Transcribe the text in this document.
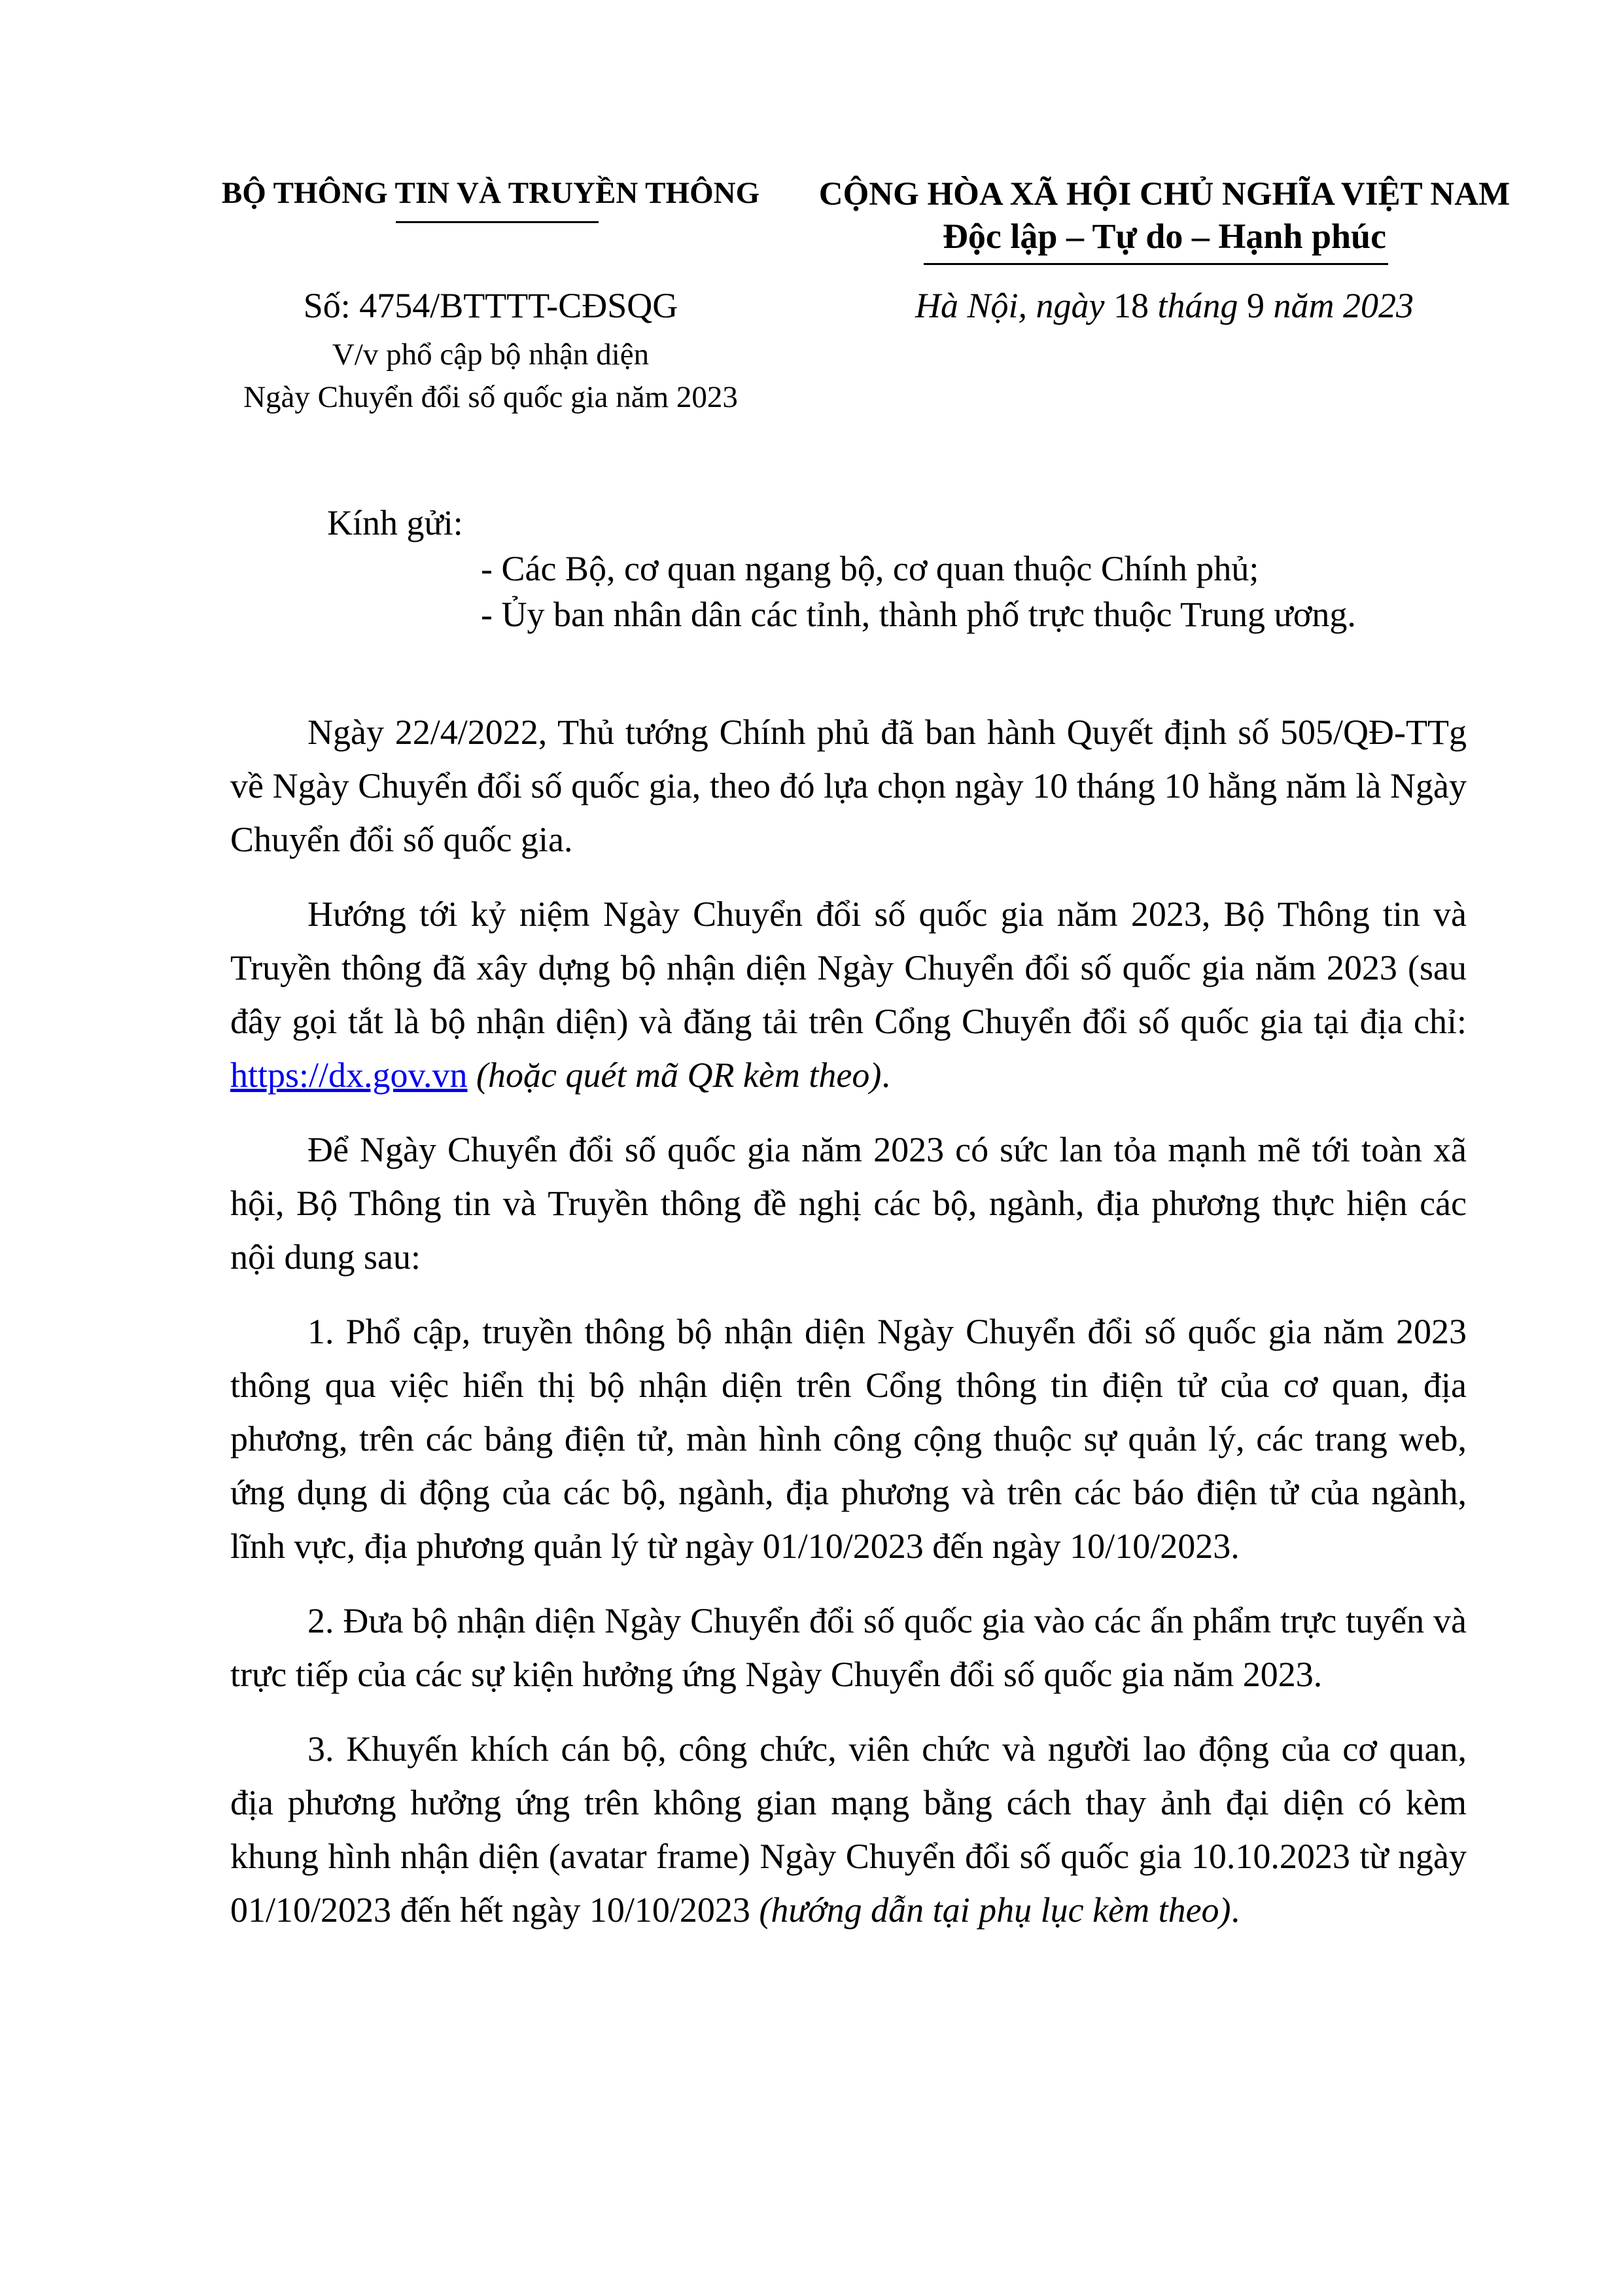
BỘ THÔNG TIN VÀ TRUYỀN THÔNG
Số: 4754/BTTTT-CĐSQG
V/v phổ cập bộ nhận diện
Ngày Chuyển đổi số quốc gia năm 2023
CỘNG HÒA XÃ HỘI CHỦ NGHĨA VIỆT NAM
Độc lập – Tự do – Hạnh phúc
Hà Nội, ngày 18 tháng 9 năm 2023
Kính gửi:
- Các Bộ, cơ quan ngang bộ, cơ quan thuộc Chính phủ;
- Ủy ban nhân dân các tỉnh, thành phố trực thuộc Trung ương.

Ngày 22/4/2022, Thủ tướng Chính phủ đã ban hành Quyết định số 505/QĐ-TTg về Ngày Chuyển đổi số quốc gia, theo đó lựa chọn ngày 10 tháng 10 hằng năm là Ngày Chuyển đổi số quốc gia.

Hướng tới kỷ niệm Ngày Chuyển đổi số quốc gia năm 2023, Bộ Thông tin và Truyền thông đã xây dựng bộ nhận diện Ngày Chuyển đổi số quốc gia năm 2023 (sau đây gọi tắt là bộ nhận diện) và đăng tải trên Cổng Chuyển đổi số quốc gia tại địa chỉ: https://dx.gov.vn (hoặc quét mã QR kèm theo).

Để Ngày Chuyển đổi số quốc gia năm 2023 có sức lan tỏa mạnh mẽ tới toàn xã hội, Bộ Thông tin và Truyền thông đề nghị các bộ, ngành, địa phương thực hiện các nội dung sau:

1. Phổ cập, truyền thông bộ nhận diện Ngày Chuyển đổi số quốc gia năm 2023 thông qua việc hiển thị bộ nhận diện trên Cổng thông tin điện tử của cơ quan, địa phương, trên các bảng điện tử, màn hình công cộng thuộc sự quản lý, các trang web, ứng dụng di động của các bộ, ngành, địa phương và trên các báo điện tử của ngành, lĩnh vực, địa phương quản lý từ ngày 01/10/2023 đến ngày 10/10/2023.

2. Đưa bộ nhận diện Ngày Chuyển đổi số quốc gia vào các ấn phẩm trực tuyến và trực tiếp của các sự kiện hưởng ứng Ngày Chuyển đổi số quốc gia năm 2023.

3. Khuyến khích cán bộ, công chức, viên chức và người lao động của cơ quan, địa phương hưởng ứng trên không gian mạng bằng cách thay ảnh đại diện có kèm khung hình nhận diện (avatar frame) Ngày Chuyển đổi số quốc gia 10.10.2023 từ ngày 01/10/2023 đến hết ngày 10/10/2023 (hướng dẫn tại phụ lục kèm theo).
